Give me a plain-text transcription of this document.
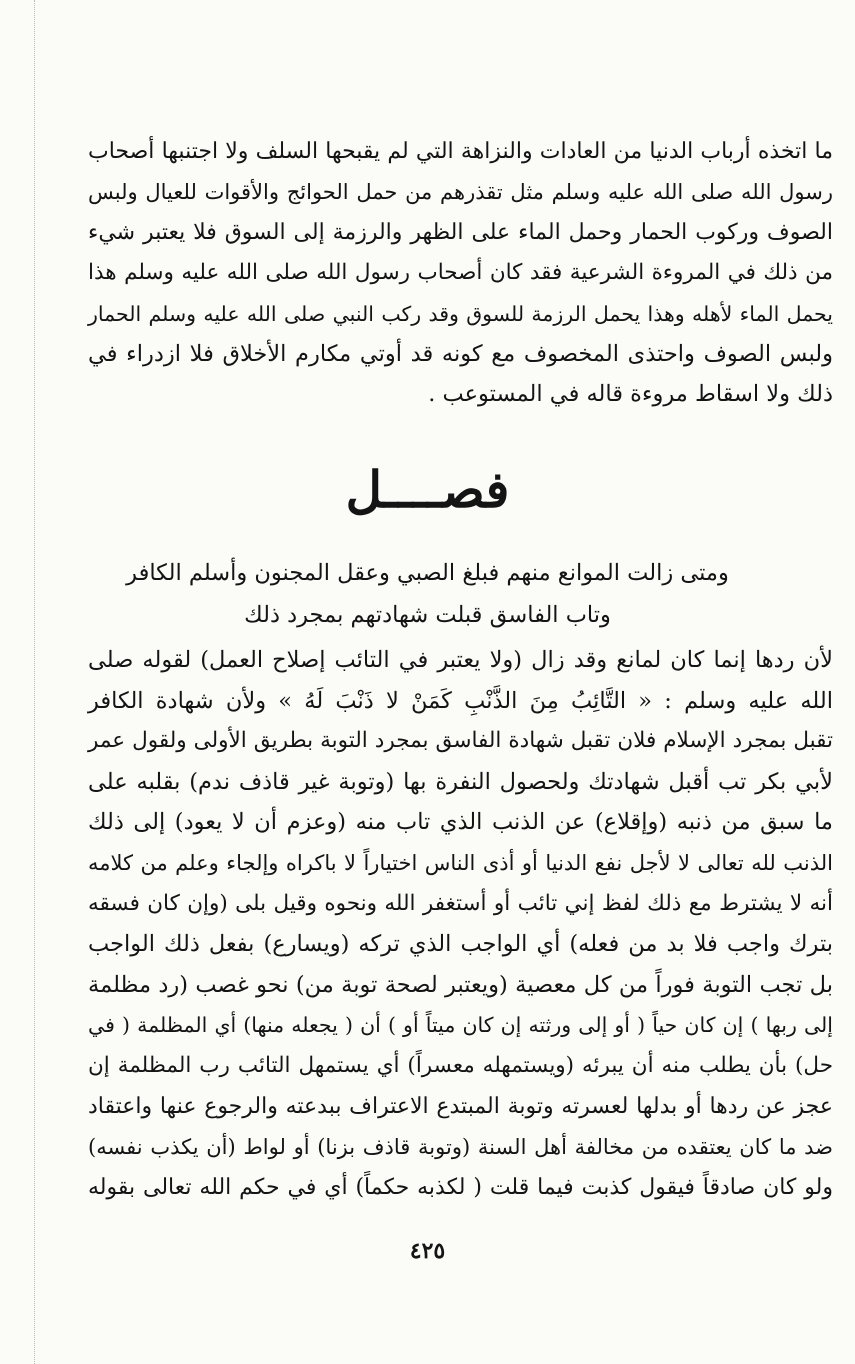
ما اتخذه أرباب الدنيا من العادات والنزاهة التي لم يقبحها السلف ولا اجتنبها أصحاب
رسول الله صلى الله عليه وسلم مثل تقذرهم من حمل الحوائج والأقوات للعيال ولبس
الصوف وركوب الحمار وحمل الماء على الظهر والرزمة إلى السوق فلا يعتبر شيء
من ذلك في المروءة الشرعية فقد كان أصحاب رسول الله صلى الله عليه وسلم هذا
يحمل الماء لأهله وهذا يحمل الرزمة للسوق وقد ركب النبي صلى الله عليه وسلم الحمار
ولبس الصوف واحتذى المخصوف مع كونه قد أوتي مكارم الأخلاق فلا ازدراء في
ذلك ولا اسقاط مروءة قاله في المستوعب .
فصــــل
ومتى زالت الموانع منهم فبلغ الصبي وعقل المجنون وأسلم الكافر
وتاب الفاسق قبلت شهادتهم بمجرد ذلك
لأن ردها إنما كان لمانع وقد زال (ولا يعتبر في التائب إصلاح العمل) لقوله صلى
الله عليه وسلم : « التَّائِبُ مِنَ الذَّنْبِ كَمَنْ لا ذَنْبَ لَهُ » ولأن شهادة الكافر
تقبل بمجرد الإسلام فلان تقبل شهادة الفاسق بمجرد التوبة بطريق الأولى ولقول عمر
لأبي بكر تب أقبل شهادتك ولحصول النفرة بها (وتوبة غير قاذف ندم) بقلبه على
ما سبق من ذنبه (وإقلاع) عن الذنب الذي تاب منه (وعزم أن لا يعود) إلى ذلك
الذنب لله تعالى لا لأجل نفع الدنيا أو أذى الناس اختياراً لا باكراه وإلجاء وعلم من كلامه
أنه لا يشترط مع ذلك لفظ إني تائب أو أستغفر الله ونحوه وقيل بلى (وإن كان فسقه
بترك واجب فلا بد من فعله) أي الواجب الذي تركه (ويسارع) بفعل ذلك الواجب
بل تجب التوبة فوراً من كل معصية (ويعتبر لصحة توبة من) نحو غصب (رد مظلمة
إلى ربها ) إن كان حياً ( أو إلى ورثته إن كان ميتاً أو ) أن ( يجعله منها) أي المظلمة ( في
حل) بأن يطلب منه أن يبرئه (ويستمهله معسراً) أي يستمهل التائب رب المظلمة إن
عجز عن ردها أو بدلها لعسرته وتوبة المبتدع الاعتراف ببدعته والرجوع عنها واعتقاد
ضد ما كان يعتقده من مخالفة أهل السنة (وتوبة قاذف بزنا) أو لواط (أن يكذب نفسه)
ولو كان صادقاً فيقول كذبت فيما قلت ( لكذبه حكماً) أي في حكم الله تعالى بقوله
٤٢٥
